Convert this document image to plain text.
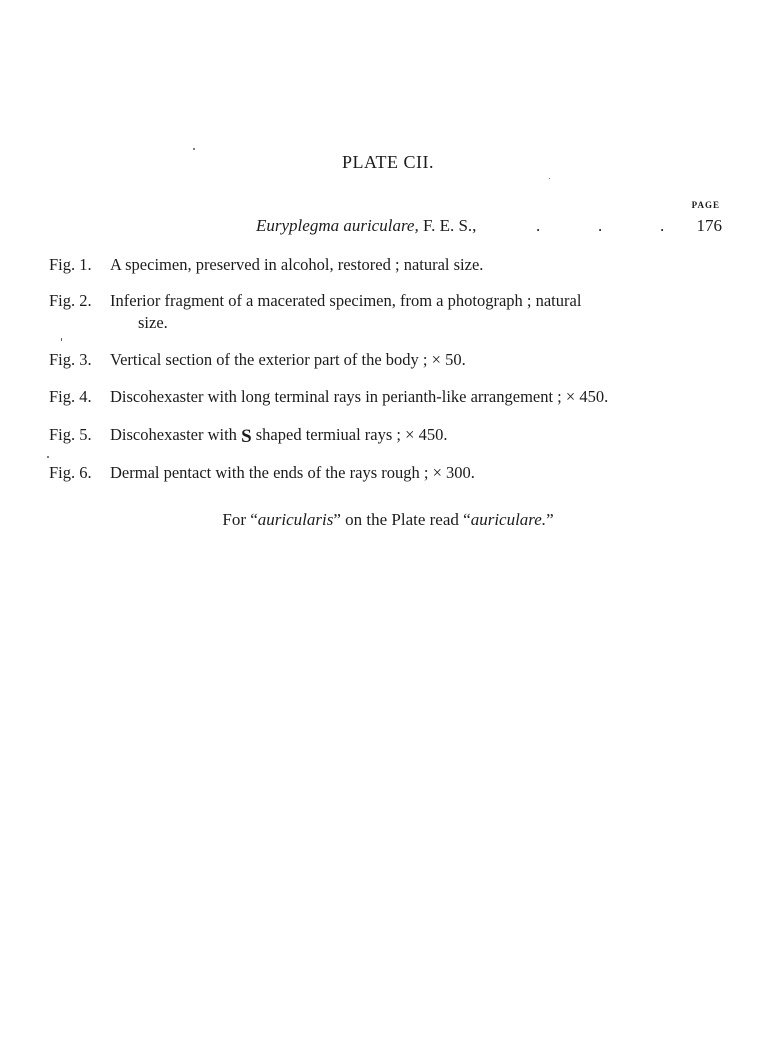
PLATE CII.
PAGE
Euryplegma auriculare, F. E. S.,	.	.	.	176
Fig. 1. A specimen, preserved in alcohol, restored ; natural size.
Fig. 2. Inferior fragment of a macerated specimen, from a photograph ; natural
size.
Fig. 3. Vertical section of the exterior part of the body ; × 50.
Fig. 4. Discohexaster with long terminal rays in perianth-like arrangement ; × 450.
Fig. 5. Discohexaster with S shaped termiual rays ; × 450.
Fig. 6. Dermal pentact with the ends of the rays rough ; × 300.
For “auricularis” on the Plate read “auriculare.”
